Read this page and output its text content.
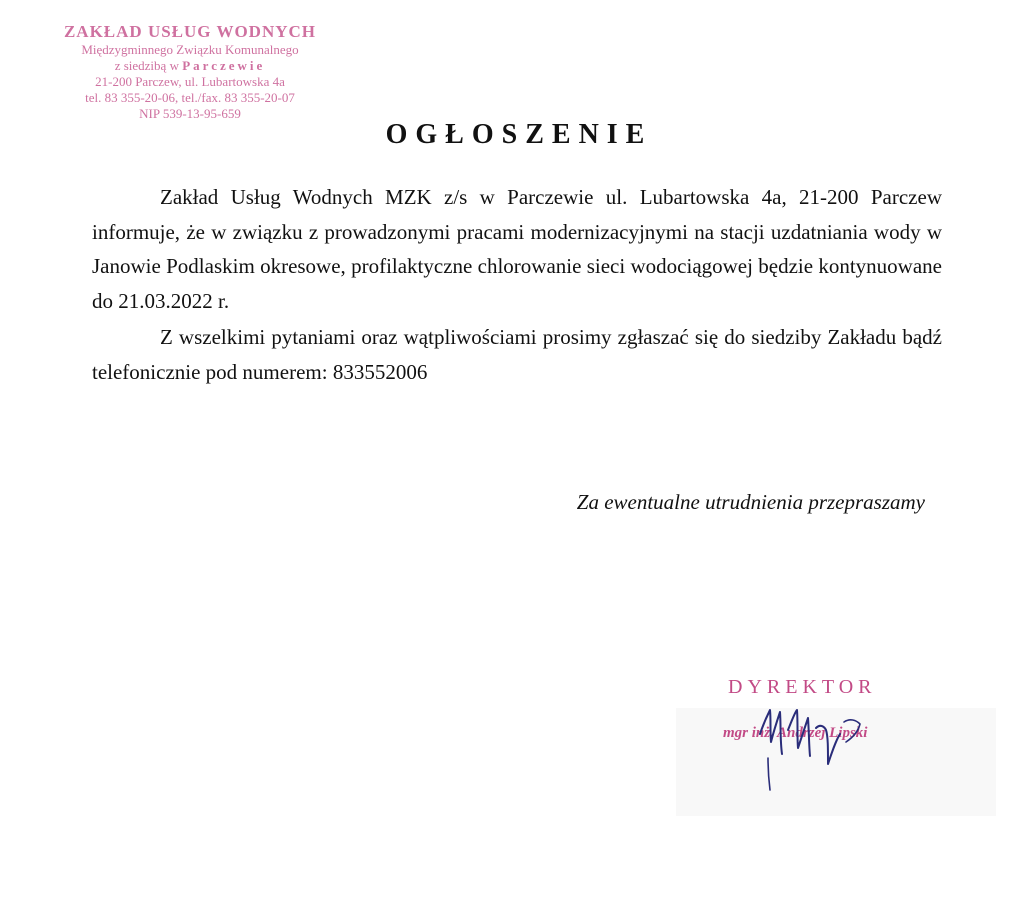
ZAKŁAD USŁUG WODNYCH
Międzygminnego Związku Komunalnego
z siedzibą w Parczewie
21-200 Parczew, ul. Lubartowska 4a
tel. 83 355-20-06, tel./fax. 83 355-20-07
NIP 539-13-95-659
OGŁOSZENIE

Zakład Usług Wodnych MZK z/s w Parczewie ul. Lubartowska 4a, 21-200 Parczew informuje, że w związku z prowadzonymi pracami modernizacyjnymi na stacji uzdatniania wody w Janowie Podlaskim okresowe, profilaktyczne chlorowanie sieci wodociągowej będzie kontynuowane do 21.03.2022 r.

Z wszelkimi pytaniami oraz wątpliwościami prosimy zgłaszać się do siedziby Zakładu bądź telefonicznie pod numerem: 833552006

Za ewentualne utrudnienia przepraszamy
DYREKTOR
mgr inż. Andrzej Lipski
